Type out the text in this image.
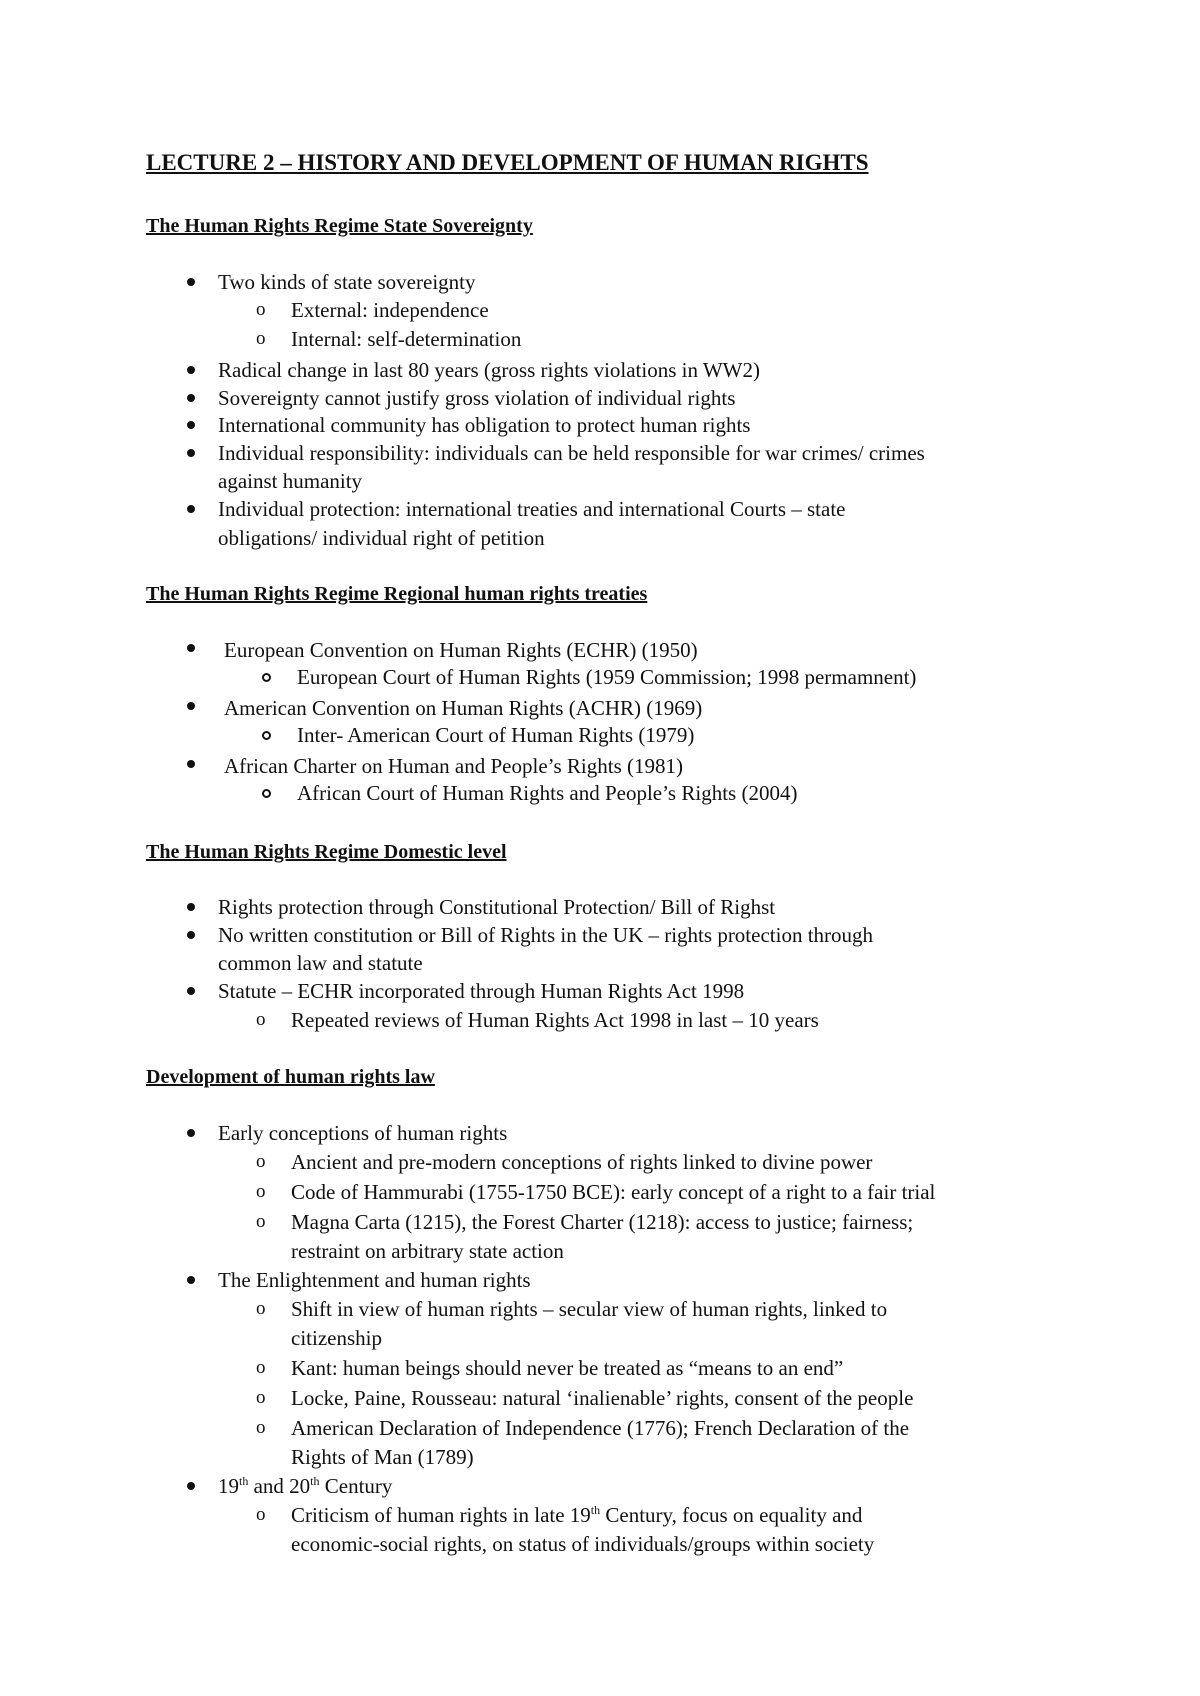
LECTURE 2 – HISTORY AND DEVELOPMENT OF HUMAN RIGHTS
The Human Rights Regime State Sovereignty
Two kinds of state sovereignty
o External: independence
o Internal: self-determination
Radical change in last 80 years (gross rights violations in WW2)
Sovereignty cannot justify gross violation of individual rights
International community has obligation to protect human rights
Individual responsibility: individuals can be held responsible for war crimes/ crimes
against humanity
Individual protection: international treaties and international Courts – state
obligations/ individual right of petition
The Human Rights Regime Regional human rights treaties
European Convention on Human Rights (ECHR) (1950)
European Court of Human Rights (1959 Commission; 1998 permamnent)
American Convention on Human Rights (ACHR) (1969)
Inter- American Court of Human Rights (1979)
African Charter on Human and People’s Rights (1981)
African Court of Human Rights and People’s Rights (2004)
The Human Rights Regime Domestic level
Rights protection through Constitutional Protection/ Bill of Righst
No written constitution or Bill of Rights in the UK – rights protection through
common law and statute
Statute – ECHR incorporated through Human Rights Act 1998
o Repeated reviews of Human Rights Act 1998 in last – 10 years
Development of human rights law
Early conceptions of human rights
o Ancient and pre-modern conceptions of rights linked to divine power
o Code of Hammurabi (1755-1750 BCE): early concept of a right to a fair trial
o Magna Carta (1215), the Forest Charter (1218): access to justice; fairness;
restraint on arbitrary state action
The Enlightenment and human rights
o Shift in view of human rights – secular view of human rights, linked to
citizenship
o Kant: human beings should never be treated as “means to an end”
o Locke, Paine, Rousseau: natural ‘inalienable’ rights, consent of the people
o American Declaration of Independence (1776); French Declaration of the
Rights of Man (1789)
19th and 20th Century
o Criticism of human rights in late 19th Century, focus on equality and
economic-social rights, on status of individuals/groups within society
